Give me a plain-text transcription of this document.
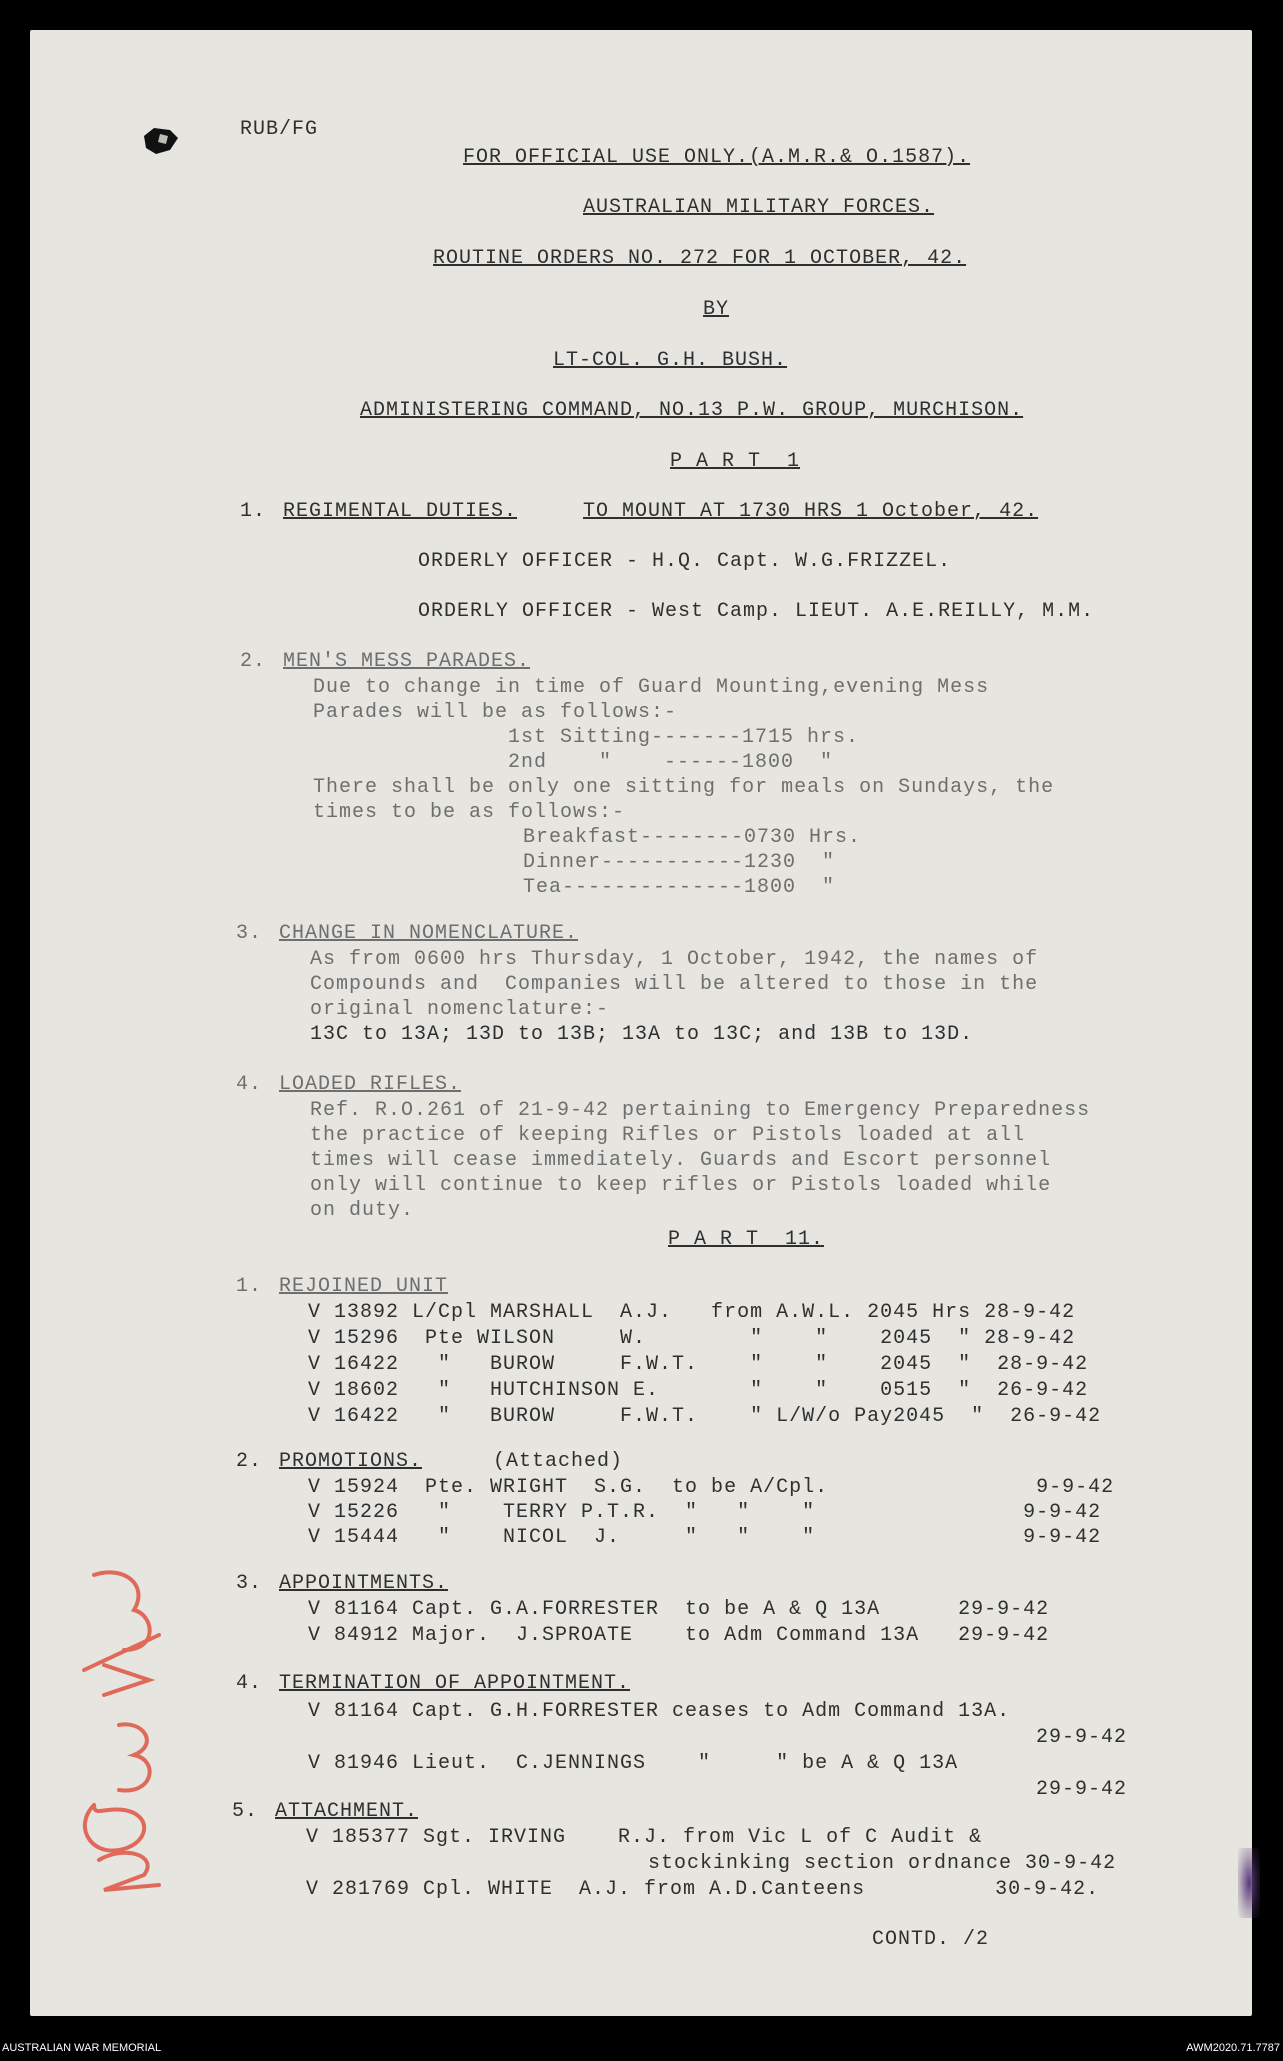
RUB/FG
FOR OFFICIAL USE ONLY.(A.M.R.& O.1587).
AUSTRALIAN MILITARY FORCES.
ROUTINE ORDERS NO. 272 FOR 1 OCTOBER, 42.
BY
LT-COL. G.H. BUSH.
ADMINISTERING COMMAND, NO.13 P.W. GROUP, MURCHISON.
P A R T  1
1. REGIMENTAL DUTIES.	TO MOUNT AT 1730 HRS 1 October, 42.
ORDERLY OFFICER - H.Q. Capt. W.G.FRIZZEL.
ORDERLY OFFICER - West Camp. LIEUT. A.E.REILLY, M.M.
2. MEN'S MESS PARADES.
Due to change in time of Guard Mounting,evening Mess
Parades will be as follows:-
1st Sitting-------1715 hrs.
2nd    "    ------1800  "
There shall be only one sitting for meals on Sundays, the
times to be as follows:-
Breakfast--------0730 Hrs.
Dinner-----------1230  "
Tea--------------1800  "
3. CHANGE IN NOMENCLATURE.
As from 0600 hrs Thursday, 1 October, 1942, the names of
Compounds and  Companies will be altered to those in the
original nomenclature:-
13C to 13A; 13D to 13B; 13A to 13C; and 13B to 13D.
4. LOADED RIFLES.
Ref. R.O.261 of 21-9-42 pertaining to Emergency Preparedness
the practice of keeping Rifles or Pistols loaded at all
times will cease immediately. Guards and Escort personnel
only will continue to keep rifles or Pistols loaded while
on duty.
P A R T  11.
1. REJOINED UNIT
V 13892 L/Cpl MARSHALL  A.J.   from A.W.L. 2045 Hrs 28-9-42
V 15296  Pte WILSON     W.        "    "    2045  " 28-9-42
V 16422   "   BUROW     F.W.T.    "    "    2045  "  28-9-42
V 18602   "   HUTCHINSON E.       "    "    0515  "  26-9-42
V 16422   "   BUROW     F.W.T.    " L/W/o Pay2045  "  26-9-42
2. PROMOTIONS.	(Attached)
V 15924  Pte. WRIGHT  S.G.  to be A/Cpl.                9-9-42
V 15226   "    TERRY P.T.R.  "   "    "                9-9-42
V 15444   "    NICOL  J.     "   "    "                9-9-42
3. APPOINTMENTS.
V 81164 Capt. G.A.FORRESTER  to be A & Q 13A      29-9-42
V 84912 Major.  J.SPROATE    to Adm Command 13A   29-9-42
4. TERMINATION OF APPOINTMENT.
V 81164 Capt. G.H.FORRESTER ceases to Adm Command 13A.
29-9-42
V 81946 Lieut.  C.JENNINGS    "     " be A & Q 13A
29-9-42
5. ATTACHMENT.
V 185377 Sgt. IRVING    R.J. from Vic L of C Audit &
stockinking section ordnance 30-9-42
V 281769 Cpl. WHITE  A.J. from A.D.Canteens          30-9-42.
CONTD. /2
AUSTRALIAN WAR MEMORIAL	AWM2020.71.7787
